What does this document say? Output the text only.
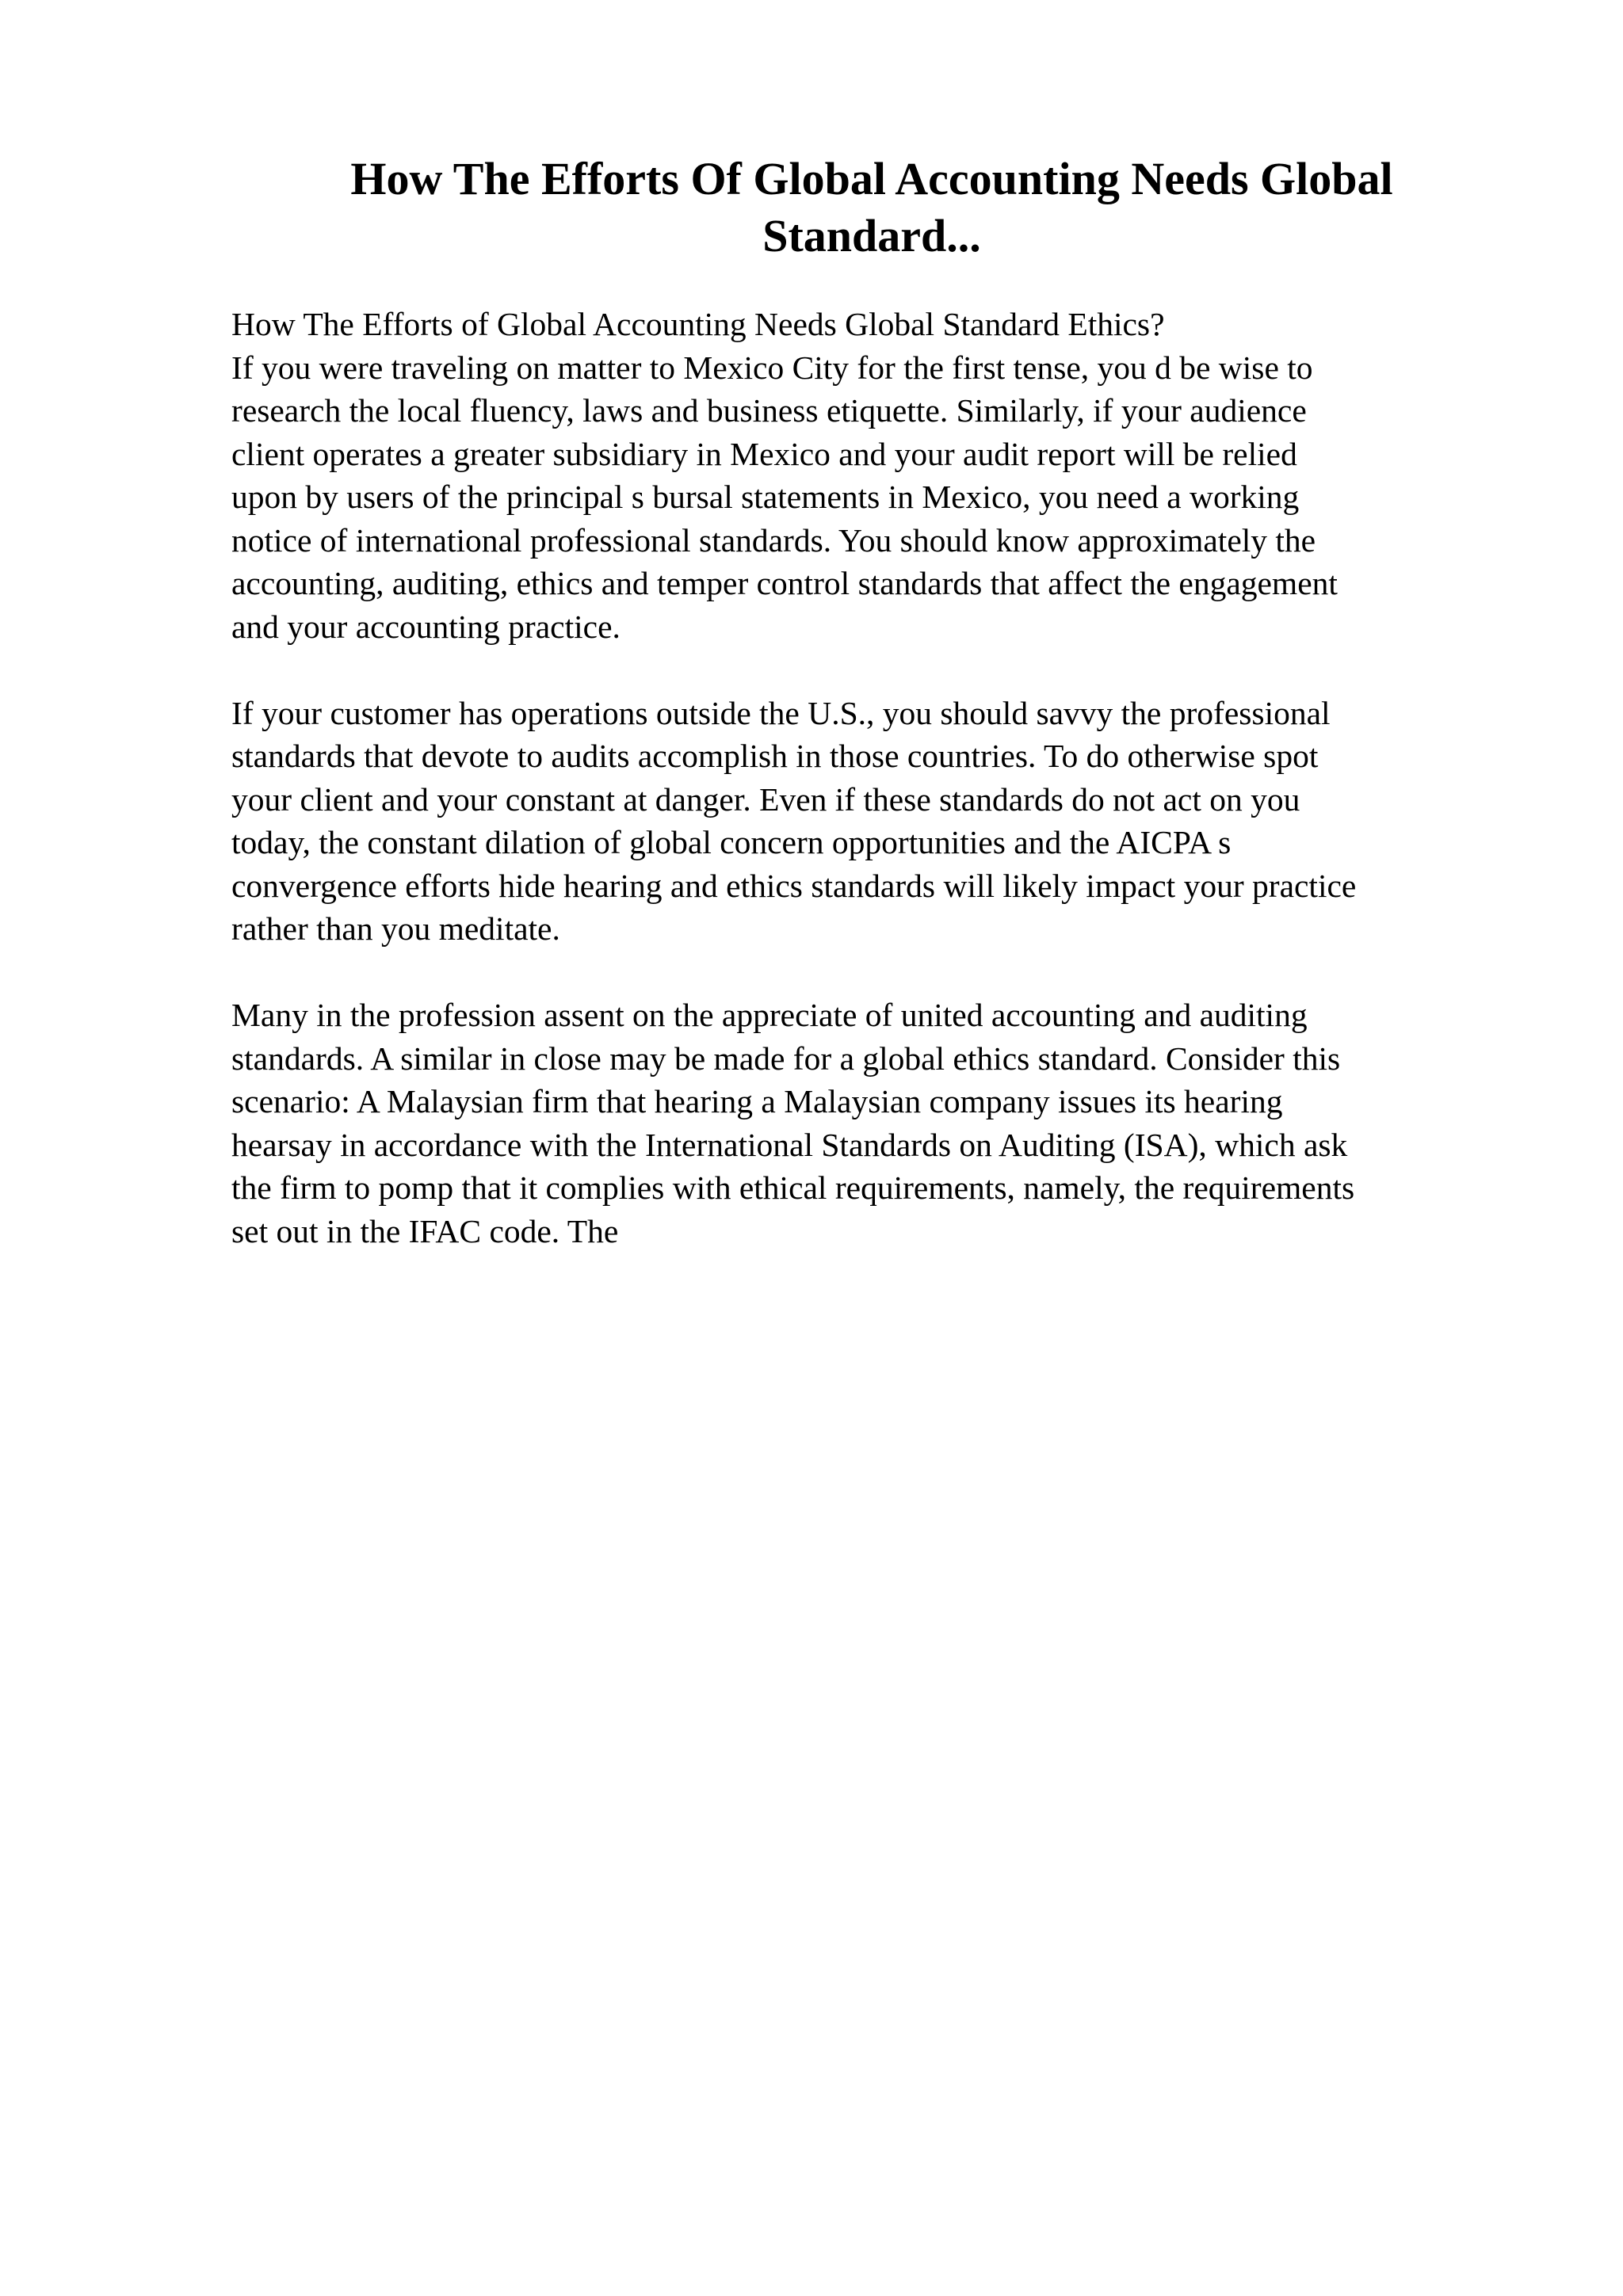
How The Efforts Of Global Accounting Needs Global
Standard...

How The Efforts of Global Accounting Needs Global Standard Ethics?
If you were traveling on matter to Mexico City for the first tense, you d be wise to
research the local fluency, laws and business etiquette. Similarly, if your audience
client operates a greater subsidiary in Mexico and your audit report will be relied
upon by users of the principal s bursal statements in Mexico, you need a working
notice of international professional standards. You should know approximately the
accounting, auditing, ethics and temper control standards that affect the engagement
and your accounting practice.

If your customer has operations outside the U.S., you should savvy the professional
standards that devote to audits accomplish in those countries. To do otherwise spot
your client and your constant at danger. Even if these standards do not act on you
today, the constant dilation of global concern opportunities and the AICPA s
convergence efforts hide hearing and ethics standards will likely impact your practice
rather than you meditate.

Many in the profession assent on the appreciate of united accounting and auditing
standards. A similar in close may be made for a global ethics standard. Consider this
scenario: A Malaysian firm that hearing a Malaysian company issues its hearing
hearsay in accordance with the International Standards on Auditing (ISA), which ask
the firm to pomp that it complies with ethical requirements, namely, the requirements
set out in the IFAC code. The
